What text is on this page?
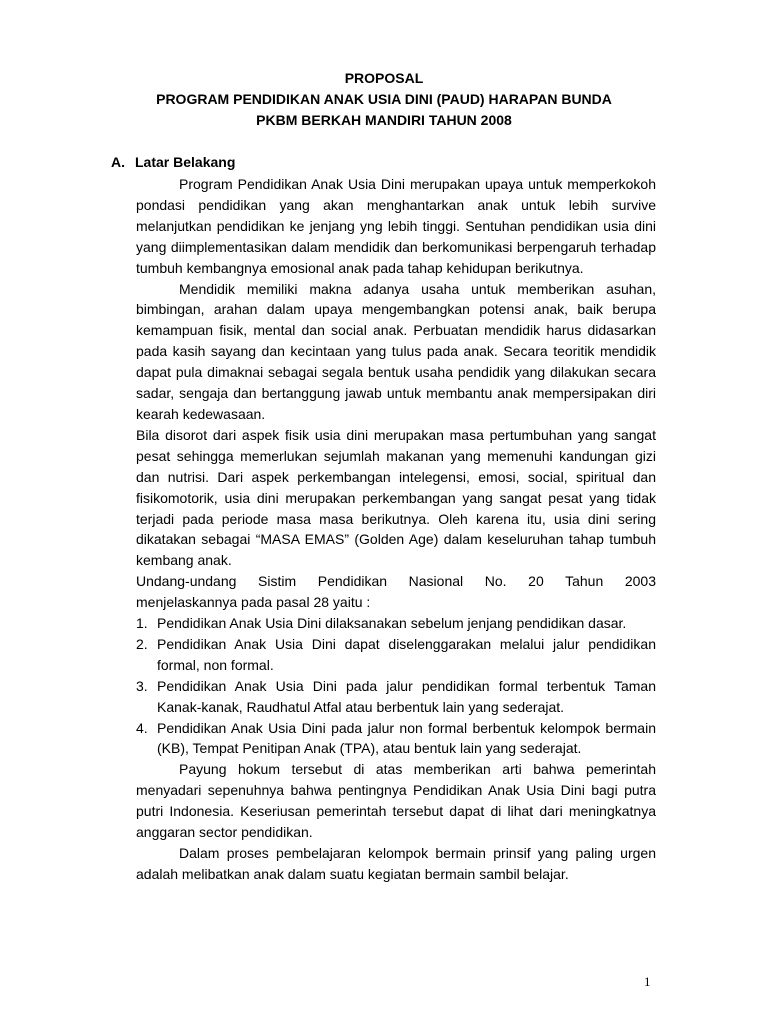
PROPOSAL
PROGRAM PENDIDIKAN ANAK USIA DINI (PAUD) HARAPAN BUNDA
PKBM BERKAH MANDIRI TAHUN 2008
A. Latar Belakang

Program Pendidikan Anak Usia Dini merupakan upaya untuk memperkokoh pondasi pendidikan yang akan menghantarkan anak untuk lebih survive melanjutkan pendidikan ke jenjang yng lebih tinggi. Sentuhan pendidikan usia dini yang diimplementasikan dalam mendidik dan berkomunikasi berpengaruh terhadap tumbuh kembangnya emosional anak pada tahap kehidupan berikutnya.

Mendidik memiliki makna adanya usaha untuk memberikan asuhan, bimbingan, arahan dalam upaya mengembangkan potensi anak, baik berupa kemampuan fisik, mental dan social anak. Perbuatan mendidik harus didasarkan pada kasih sayang dan kecintaan yang tulus pada anak. Secara teoritik mendidik dapat pula dimaknai sebagai segala bentuk usaha pendidik yang dilakukan secara sadar, sengaja dan bertanggung jawab untuk membantu anak mempersipakan diri kearah kedewasaan.

Bila disorot dari aspek fisik usia dini merupakan masa pertumbuhan yang sangat pesat sehingga memerlukan sejumlah makanan yang memenuhi kandungan gizi dan nutrisi. Dari aspek perkembangan intelegensi, emosi, social, spiritual dan fisikomotorik, usia dini merupakan perkembangan yang sangat pesat yang tidak terjadi pada periode masa masa berikutnya. Oleh karena itu, usia dini sering dikatakan sebagai “MASA EMAS” (Golden Age) dalam keseluruhan tahap tumbuh kembang anak.

Undang-undang Sistim Pendidikan Nasional No. 20 Tahun 2003

menjelaskannya pada pasal 28 yaitu :

1. Pendidikan Anak Usia Dini dilaksanakan sebelum jenjang pendidikan dasar.
2. Pendidikan Anak Usia Dini dapat diselenggarakan melalui jalur pendidikan formal, non formal.
3. Pendidikan Anak Usia Dini pada jalur pendidikan formal terbentuk Taman Kanak-kanak, Raudhatul Atfal atau berbentuk lain yang sederajat.
4. Pendidikan Anak Usia Dini pada jalur non formal berbentuk kelompok bermain (KB), Tempat Penitipan Anak (TPA), atau bentuk lain yang sederajat.

Payung hokum tersebut di atas memberikan arti bahwa pemerintah menyadari sepenuhnya bahwa pentingnya Pendidikan Anak Usia Dini bagi putra putri Indonesia. Keseriusan pemerintah tersebut dapat di lihat dari meningkatnya anggaran sector pendidikan.

Dalam proses pembelajaran kelompok bermain prinsif yang paling urgen adalah melibatkan anak dalam suatu kegiatan bermain sambil belajar.

1
